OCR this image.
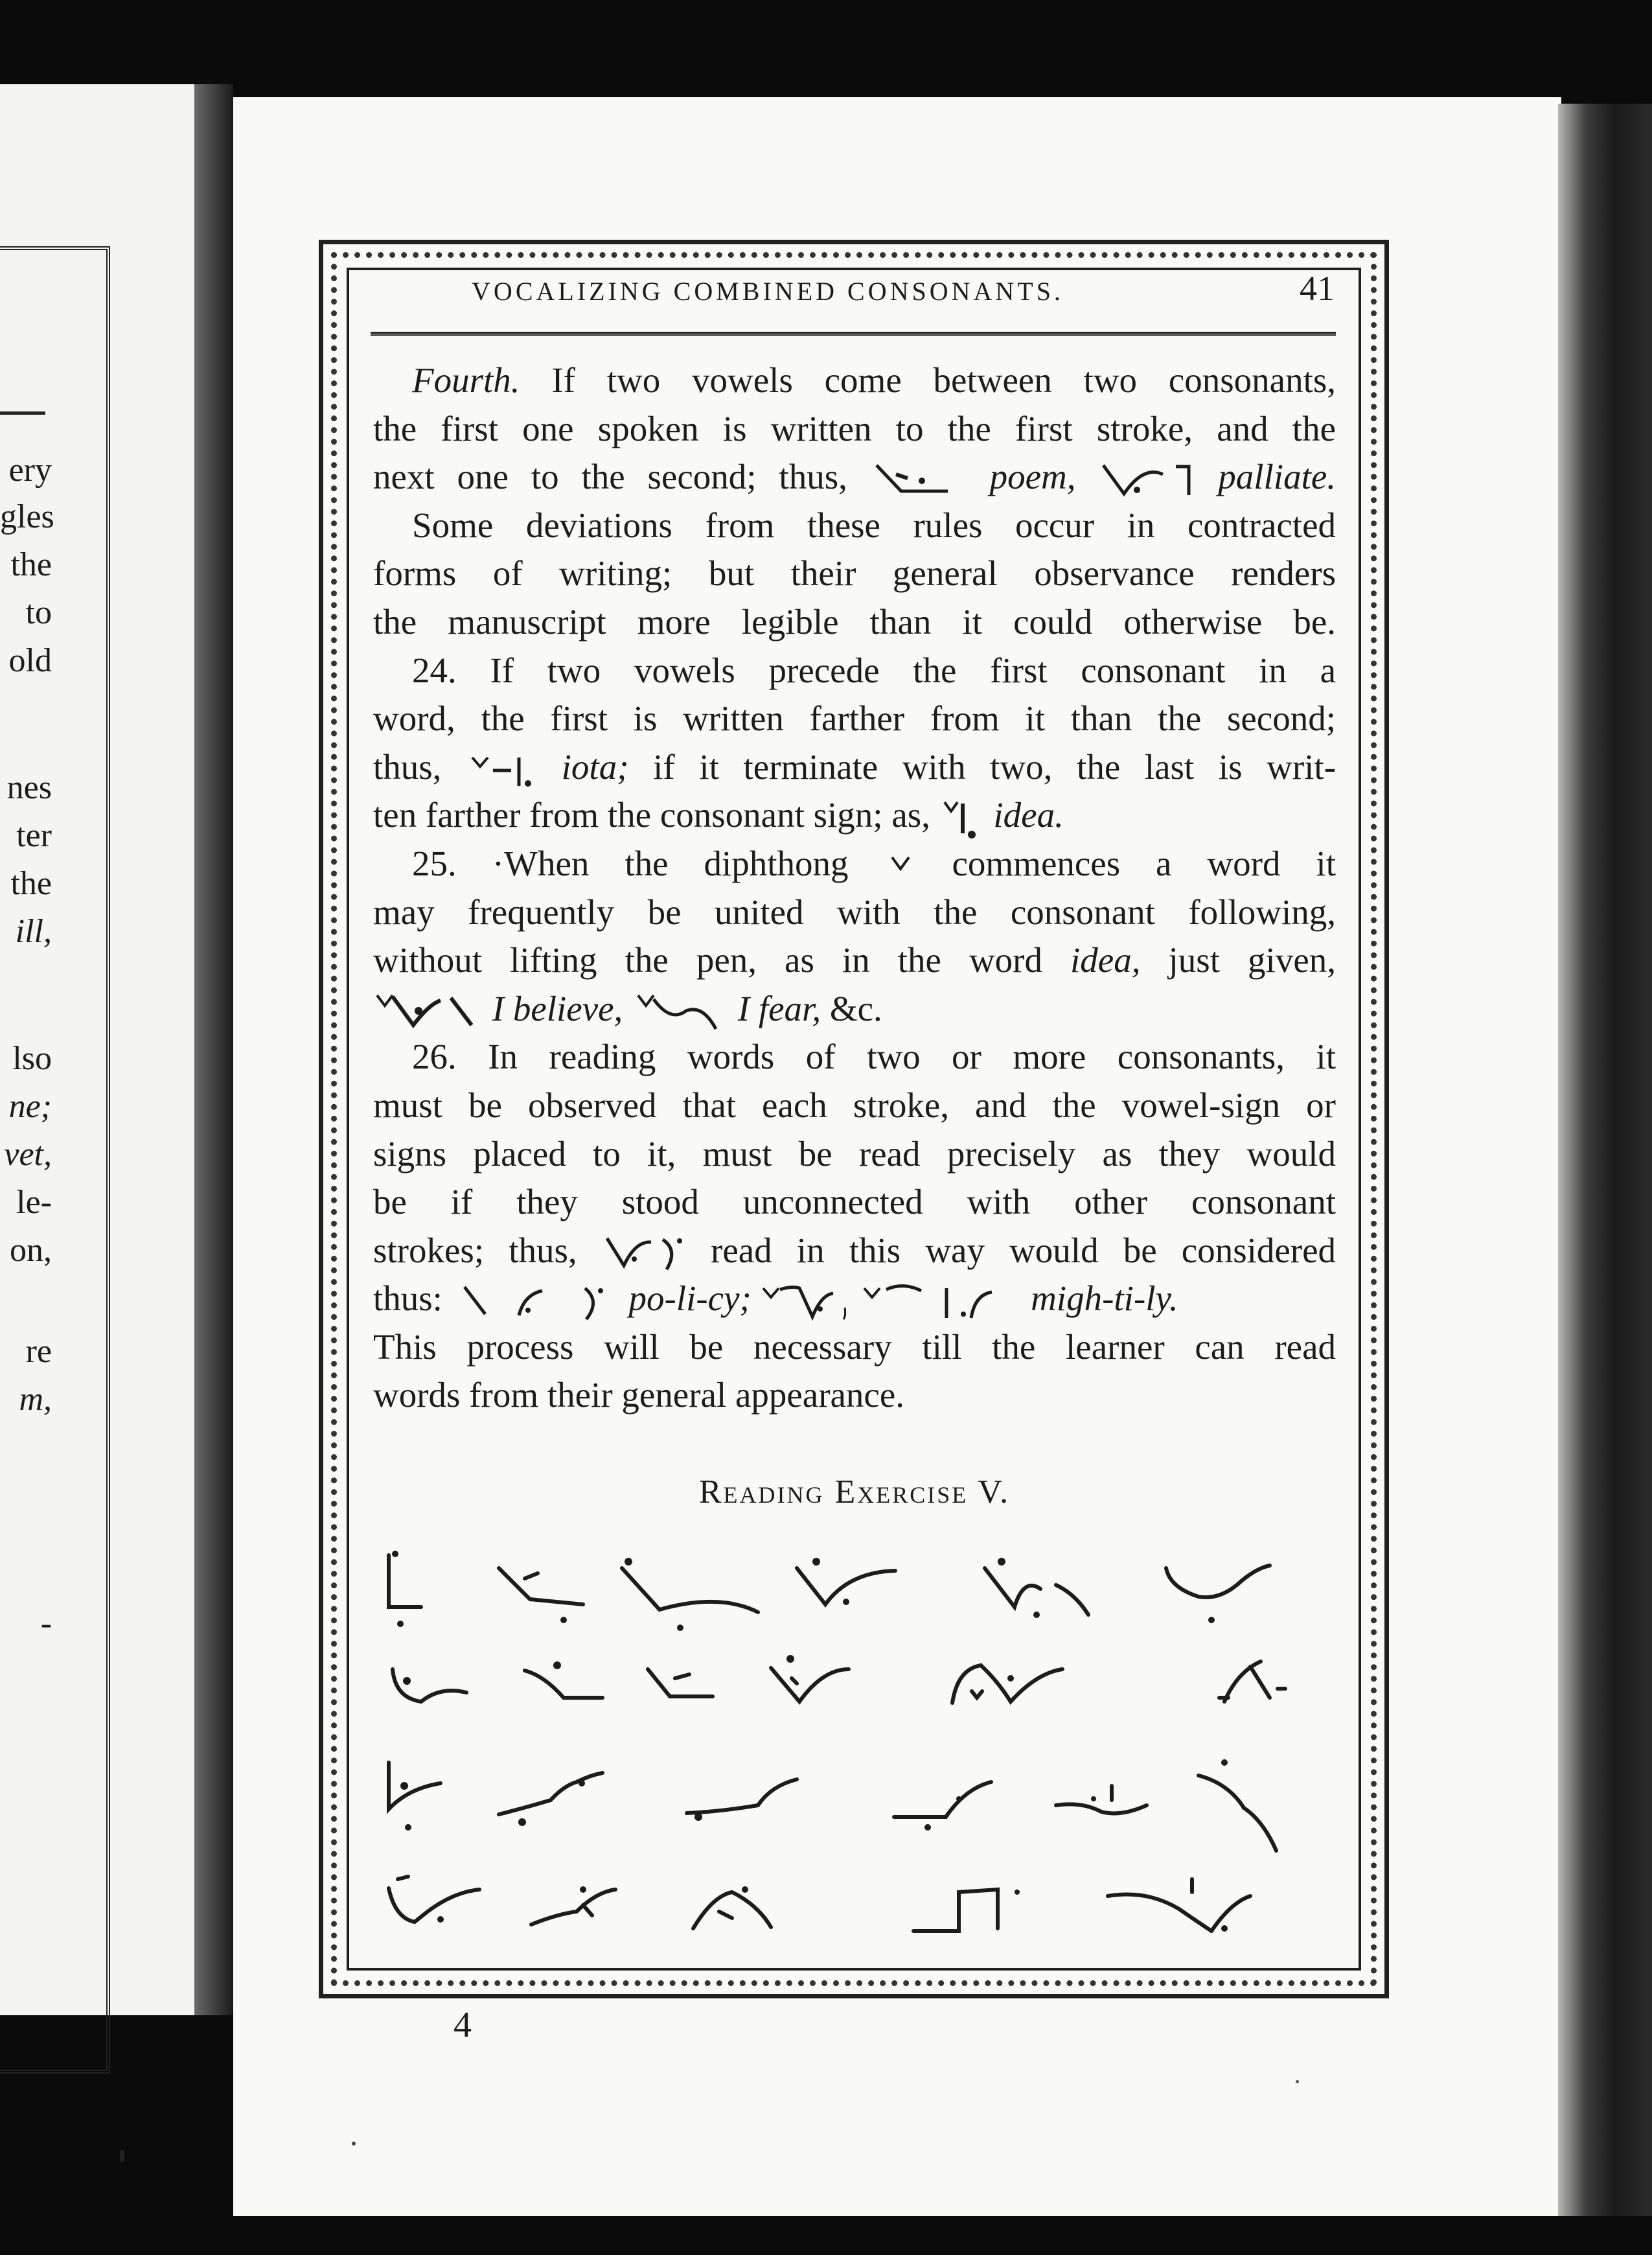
ery
gles
the
to
old
nes
ter
the
ill,
lso
ne;
vet,
le-
on,
re
m,
-
VOCALIZING COMBINED CONSONANTS.	41
Fourth. If two vowels come between two consonants,
the first one spoken is written to the first stroke, and the
next one to the second; thus,	poem,	palliate.
Some deviations from these rules occur in contracted
forms of writing; but their general observance renders
the manuscript more legible than it could otherwise be.
24. If two vowels precede the first consonant in a
word, the first is written farther from it than the second;
thus,	iota; if it terminate with two, the last is writ-
ten farther from the consonant sign; as, idea.
25. ·When the diphthong	commences a word it
may frequently be united with the consonant following,
without lifting the pen, as in the word idea, just given,
I believe,	I fear, &c.
26. In reading words of two or more consonants, it
must be observed that each stroke, and the vowel-sign or
signs placed to it, must be read precisely as they would
be if they stood unconnected with other consonant
strokes; thus,	read in this way would be considered
thus:	po-li-cy;
	migh-ti-ly.
This process will be necessary till the learner can read
words from their general appearance.
Reading Exercise V.
4
